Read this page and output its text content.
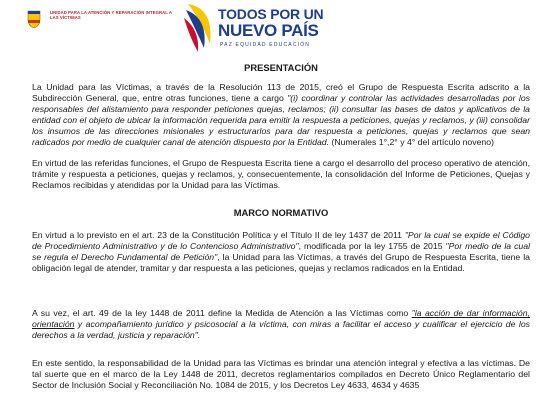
UNIDAD PARA LA ATENCIÓN Y REPARACIÓN INTEGRAL A LAS VÍCTIMAS	TODOS POR UN
NUEVO PAÍS
PAZ EQUIDAD EDUCACIÓN
PRESENTACIÓN

La Unidad para las Víctimas, a través de la Resolución 113 de 2015, creó el Grupo de Respuesta Escrita adscrito a la Subdirección General, que, entre otras funciones, tiene a cargo "(i) coordinar y controlar las actividades desarrolladas por los responsables del alistamiento para responder peticiones quejas, reclamos; (ii) consultar las bases de datos y aplicativos de la entidad con el objeto de ubicar la información requerida para emitir la respuesta a peticiones, quejas y reclamos, y (iii) consolidar los insumos de las direcciones misionales y estructurarlos para dar respuesta a peticiones, quejas y reclamos que sean radicados por medio de cualquier canal de atención dispuesto por la Entidad. (Numerales 1°,2° y 4° del artículo noveno)

En virtud de las referidas funciones, el Grupo de Respuesta Escrita tiene a cargo el desarrollo del proceso operativo de atención, trámite y respuesta a peticiones, quejas y reclamos, y, consecuentemente, la consolidación del Informe de Peticiones, Quejas y Reclamos recibidas y atendidas por la Unidad para las Víctimas.

MARCO NORMATIVO

En virtud a lo previsto en el art. 23 de la Constitución Política y el Título II de ley 1437 de 2011 "Por la cual se expide el Código de Procedimiento Administrativo y de lo Contencioso Administrativo", modificada por la ley 1755 de 2015 "Por medio de la cual se regula el Derecho Fundamental de Petición", la Unidad para las Víctimas, a través del Grupo de Respuesta Escrita, tiene la obligación legal de atender, tramitar y dar respuesta a las peticiones, quejas y reclamos radicados en la Entidad.

A su vez, el art. 49 de la ley 1448 de 2011 define la Medida de Atención a las Víctimas como "la acción de dar información, orientación y acompañamiento jurídico y psicosocial a la víctima, con miras a facilitar el acceso y cualificar el ejercicio de los derechos a la verdad, justicia y reparación".

En este sentido, la responsabilidad de la Unidad para las Víctimas es brindar una atención integral y efectiva a las víctimas. De tal suerte que en el marco de la Ley 1448 de 2011, decretos reglamentarios compilados en Decreto Único Reglamentario del Sector de Inclusión Social y Reconciliación No. 1084 de 2015, y los Decretos Ley 4633, 4634 y 4635
